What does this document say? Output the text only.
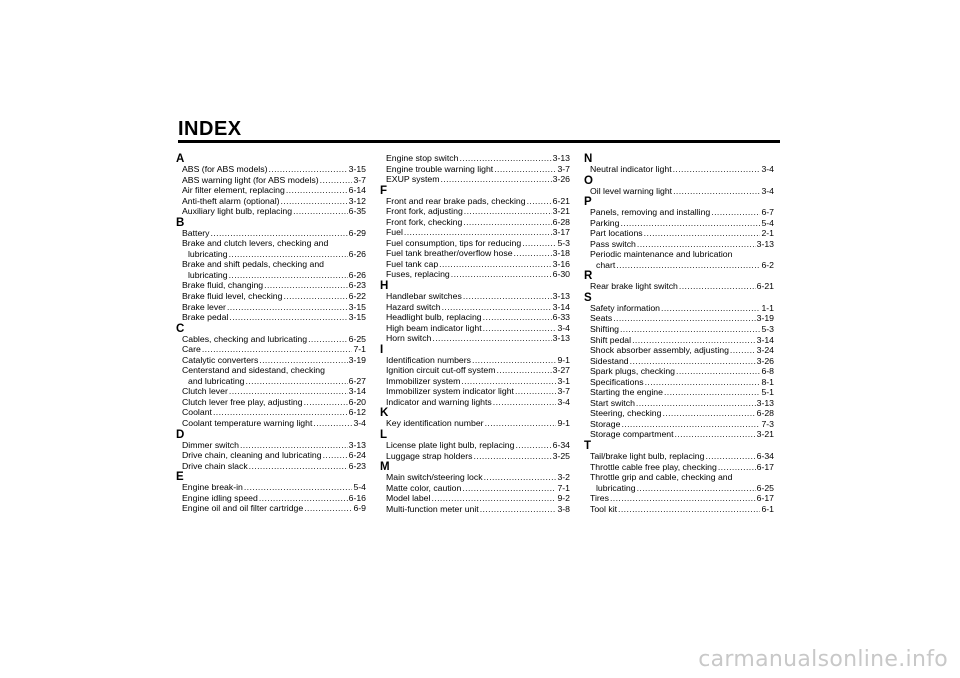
INDEX
A
ABS (for ABS models) .....	3-15
ABS warning light (for ABS models) .....	3-7
Air filter element, replacing .....	6-14
Anti-theft alarm (optional) .....	3-12
Auxiliary light bulb, replacing .....	6-35
B
Battery .....	6-29
Brake and clutch levers, checking and
lubricating .....	6-26
Brake and shift pedals, checking and
lubricating .....	6-26
Brake fluid, changing .....	6-23
Brake fluid level, checking .....	6-22
Brake lever .....	3-15
Brake pedal .....	3-15
C
Cables, checking and lubricating .....	6-25
Care .....	7-1
Catalytic converters .....	3-19
Centerstand and sidestand, checking
and lubricating .....	6-27
Clutch lever .....	3-14
Clutch lever free play, adjusting .....	6-20
Coolant .....	6-12
Coolant temperature warning light .....	3-4
D
Dimmer switch .....	3-13
Drive chain, cleaning and lubricating .....	6-24
Drive chain slack .....	6-23
E
Engine break-in .....	5-4
Engine idling speed .....	6-16
Engine oil and oil filter cartridge .....	6-9
Engine stop switch .....	3-13
Engine trouble warning light .....	3-7
EXUP system .....	3-26
F
Front and rear brake pads, checking .....	6-21
Front fork, adjusting .....	3-21
Front fork, checking .....	6-28
Fuel .....	3-17
Fuel consumption, tips for reducing .....	5-3
Fuel tank breather/overflow hose .....	3-18
Fuel tank cap .....	3-16
Fuses, replacing .....	6-30
H
Handlebar switches .....	3-13
Hazard switch .....	3-14
Headlight bulb, replacing .....	6-33
High beam indicator light .....	3-4
Horn switch .....	3-13
I
Identification numbers .....	9-1
Ignition circuit cut-off system .....	3-27
Immobilizer system .....	3-1
Immobilizer system indicator light .....	3-7
Indicator and warning lights .....	3-4
K
Key identification number .....	9-1
L
License plate light bulb, replacing .....	6-34
Luggage strap holders .....	3-25
M
Main switch/steering lock .....	3-2
Matte color, caution .....	7-1
Model label .....	9-2
Multi-function meter unit .....	3-8
N
Neutral indicator light .....	3-4
O
Oil level warning light .....	3-4
P
Panels, removing and installing .....	6-7
Parking .....	5-4
Part locations .....	2-1
Pass switch .....	3-13
Periodic maintenance and lubrication
chart .....	6-2
R
Rear brake light switch .....	6-21
S
Safety information .....	1-1
Seats .....	3-19
Shifting .....	5-3
Shift pedal .....	3-14
Shock absorber assembly, adjusting .....	3-24
Sidestand .....	3-26
Spark plugs, checking .....	6-8
Specifications .....	8-1
Starting the engine .....	5-1
Start switch .....	3-13
Steering, checking .....	6-28
Storage .....	7-3
Storage compartment .....	3-21
T
Tail/brake light bulb, replacing .....	6-34
Throttle cable free play, checking .....	6-17
Throttle grip and cable, checking and
lubricating .....	6-25
Tires .....	6-17
Tool kit .....	6-1
carmanualsonline.info
